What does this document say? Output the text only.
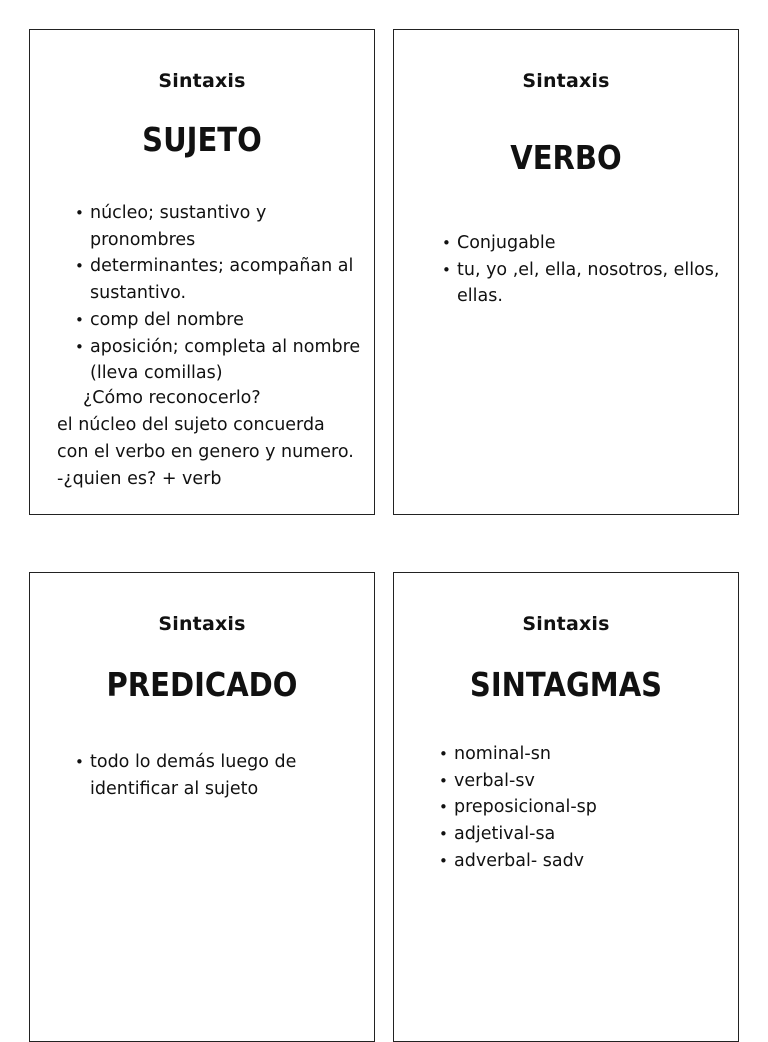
Sintaxis
SUJETO
• núcleo; sustantivo y pronombres
• determinantes; acompañan al sustantivo.
• comp del nombre
• aposición; completa al nombre (lleva comillas)
¿Cómo reconocerlo?
el núcleo del sujeto concuerda
con el verbo en genero y numero.
-¿quien es? + verb
Sintaxis
VERBO
• Conjugable
• tu, yo ,el, ella, nosotros, ellos, ellas.
Sintaxis
PREDICADO
• todo lo demás luego de identificar al sujeto
Sintaxis
SINTAGMAS
• nominal-sn
• verbal-sv
• preposicional-sp
• adjetival-sa
• adverbal- sadv
